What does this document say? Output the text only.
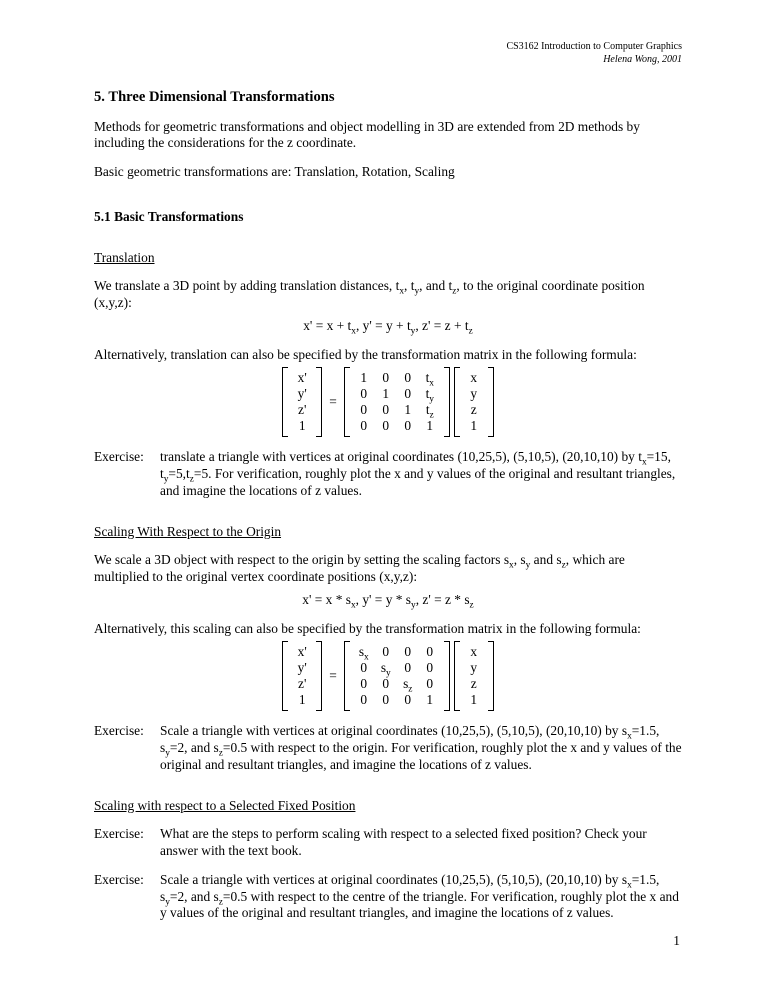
CS3162 Introduction to Computer Graphics
Helena Wong, 2001
5. Three Dimensional Transformations

Methods for geometric transformations and object modelling in 3D are extended from 2D methods by including the considerations for the z coordinate.

Basic geometric transformations are: Translation, Rotation, Scaling

5.1 Basic Transformations
Translation

We translate a 3D point by adding translation distances, $t_x$, $t_y$, and $t_z$, to the original coordinate position (x,y,z):

$x' = x + t_x$, $y' = y + t_y$, $z' = z + t_z$

Alternatively, translation can also be specified by the transformation matrix in the following formula:

x'
y'
z'
1
=
1	0	0	$t_x$
0	1	0	$t_y$
0	0	1	$t_z$
0	0	0	1
x
y
z
1
Exercise:	translate a triangle with vertices at original coordinates (10,25,5), (5,10,5), (20,10,10) by $t_x=15$, $t_y=5,t_z=5$. For verification, roughly plot the x and y values of the original and resultant triangles, and imagine the locations of z values.
Scaling With Respect to the Origin

We scale a 3D object with respect to the origin by setting the scaling factors $s_x$, $s_y$ and $s_z$, which are multiplied to the original vertex coordinate positions (x,y,z):

$x' = x * s_x$, $y' = y * s_y$, $z' = z * s_z$

Alternatively, this scaling can also be specified by the transformation matrix in the following formula:

x'
y'
z'
1
=
$s_x$	0	0	0
0	$s_y$	0	0
0	0	$s_z$	0
0	0	0	1
x
y
z
1
Exercise:	Scale a triangle with vertices at original coordinates (10,25,5), (5,10,5), (20,10,10) by $s_x=1.5$, $s_y=2$, and $s_z=0.5$ with respect to the origin. For verification, roughly plot the x and y values of the original and resultant triangles, and imagine the locations of z values.
Scaling with respect to a Selected Fixed Position
Exercise:	What are the steps to perform scaling with respect to a selected fixed position? Check your answer with the text book.
Exercise:	Scale a triangle with vertices at original coordinates (10,25,5), (5,10,5), (20,10,10) by $s_x=1.5$, $s_y=2$, and $s_z=0.5$ with respect to the centre of the triangle. For verification, roughly plot the x and y values of the original and resultant triangles, and imagine the locations of z values.
1
